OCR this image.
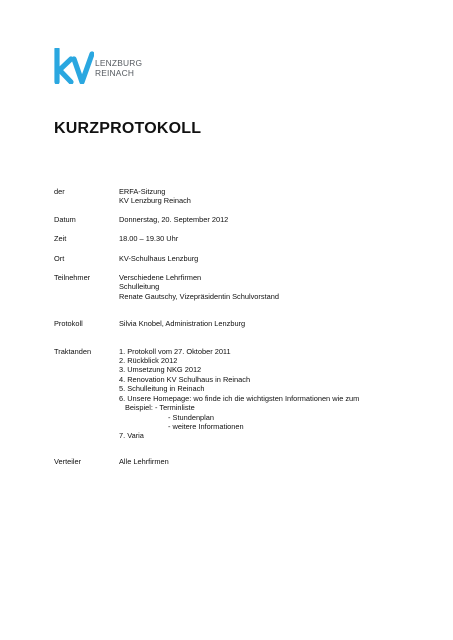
LENZBURG
REINACH
KURZPROTOKOLL
der	ERFA-Sitzung
KV Lenzburg Reinach
Datum	Donnerstag, 20. September 2012
Zeit	18.00 – 19.30 Uhr
Ort	KV-Schulhaus Lenzburg
Teilnehmer	Verschiedene Lehrfirmen
Schulleitung
Renate Gautschy, Vizepräsidentin Schulvorstand
Protokoll	Silvia Knobel, Administration Lenzburg
Traktanden	1. Protokoll vom 27. Oktober 2011
2. Rückblick 2012
3. Umsetzung NKG 2012
4. Renovation KV Schulhaus in Reinach
5. Schulleitung in Reinach
6. Unsere Homepage: wo finde ich die wichtigsten Informationen wie zum
Beispiel: - Terminliste
- Stundenplan
- weitere Informationen
7. Varia
Verteiler	Alle Lehrfirmen
